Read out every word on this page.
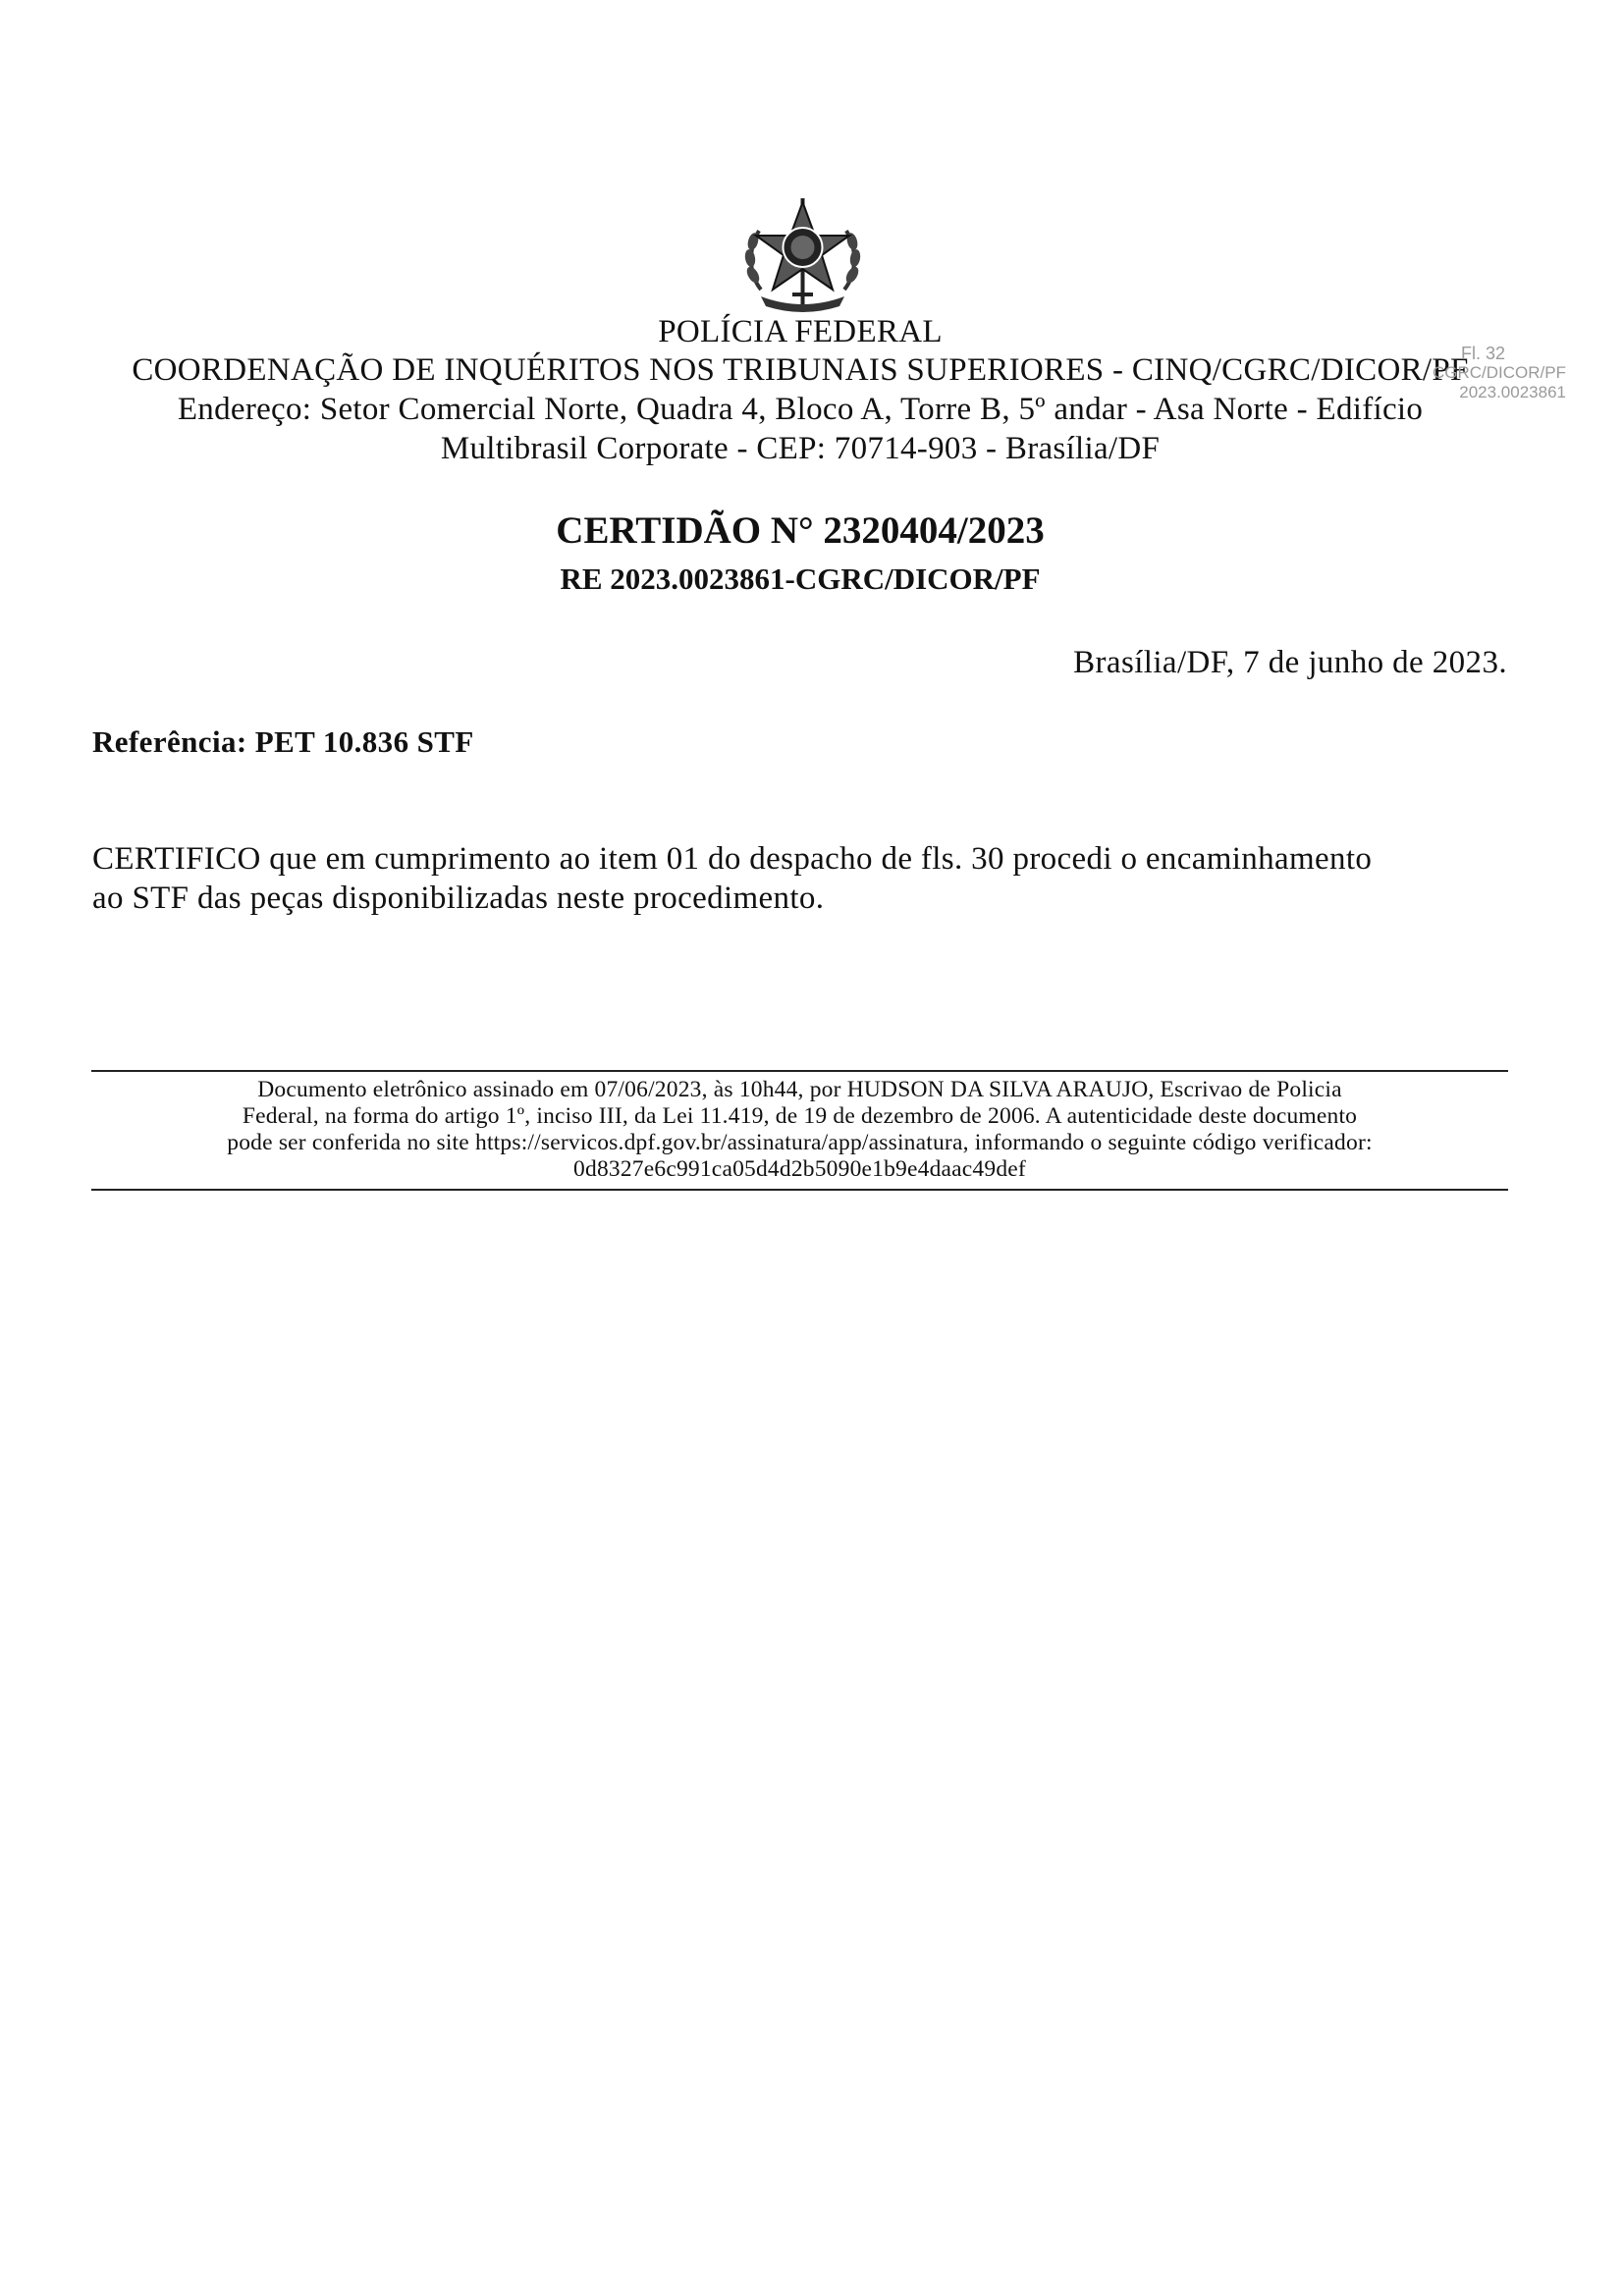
POLÍCIA FEDERAL
COORDENAÇÃO DE INQUÉRITOS NOS TRIBUNAIS SUPERIORES - CINQ/CGRC/DICOR/PF
Endereço: Setor Comercial Norte, Quadra 4, Bloco A, Torre B, 5º andar - Asa Norte - Edifício
Multibrasil Corporate - CEP: 70714-903 - Brasília/DF
Fl. 32
CGRC/DICOR/PF
2023.0023861
CERTIDÃO N° 2320404/2023
RE 2023.0023861-CGRC/DICOR/PF
Brasília/DF, 7 de junho de 2023.
Referência: PET 10.836 STF
CERTIFICO que em cumprimento ao item 01 do despacho de fls. 30 procedi o encaminhamento
ao STF das peças disponibilizadas neste procedimento.
Documento eletrônico assinado em 07/06/2023, às 10h44, por HUDSON DA SILVA ARAUJO, Escrivao de Policia
Federal, na forma do artigo 1º, inciso III, da Lei 11.419, de 19 de dezembro de 2006. A autenticidade deste documento
pode ser conferida no site https://servicos.dpf.gov.br/assinatura/app/assinatura, informando o seguinte código verificador:
0d8327e6c991ca05d4d2b5090e1b9e4daac49def
